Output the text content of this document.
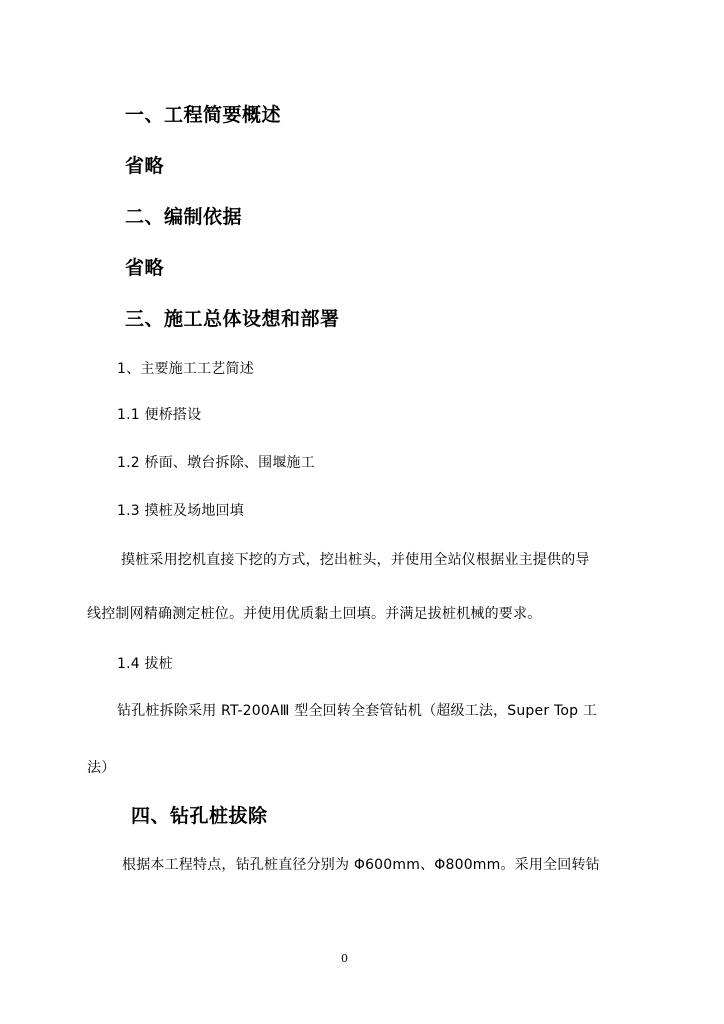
一、工程简要概述

省略

二、编制依据

省略

三、施工总体设想和部署

1、主要施工工艺简述

1.1 便桥搭设

1.2 桥面、墩台拆除、围堰施工

1.3 摸桩及场地回填

摸桩采用挖机直接下挖的方式，挖出桩头，并使用全站仪根据业主提供的导

线控制网精确测定桩位。并使用优质黏土回填。并满足拔桩机械的要求。

1.4 拔桩

钻孔桩拆除采用 RT-200AⅢ 型全回转全套管钻机（超级工法，Super Top 工

法）

四、钻孔桩拔除

根据本工程特点，钻孔桩直径分别为 Φ600mm、Φ800mm。采用全回转钻

0
